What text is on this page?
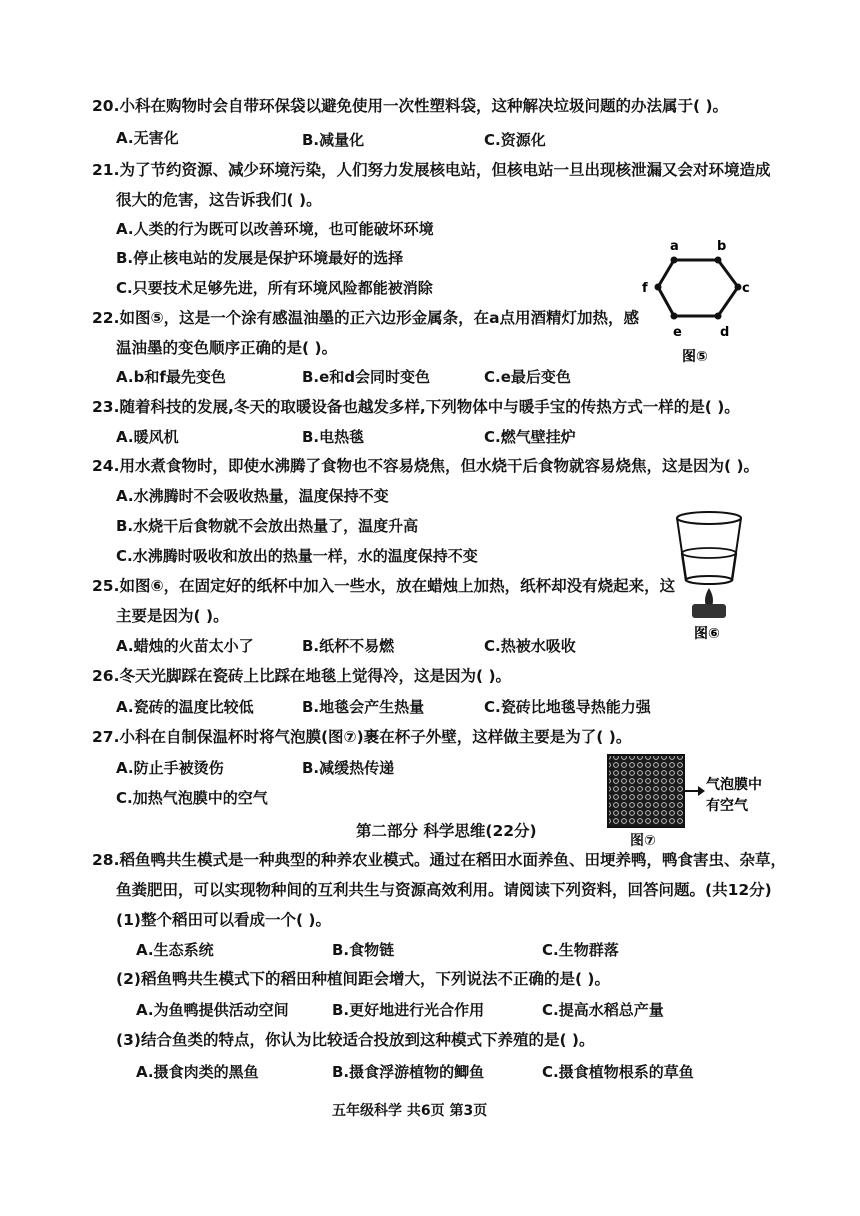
20.小科在购物时会自带环保袋以避免使用一次性塑料袋，这种解决垃圾问题的办法属于( )。
A.无害化	B.减量化	C.资源化
21.为了节约资源、减少环境污染，人们努力发展核电站，但核电站一旦出现核泄漏又会对环境造成
很大的危害，这告诉我们( )。
A.人类的行为既可以改善环境，也可能破坏环境
B.停止核电站的发展是保护环境最好的选择
C.只要技术足够先进，所有环境风险都能被消除
a	b
c
d
e
f
图⑤
22.如图⑤，这是一个涂有感温油墨的正六边形金属条，在a点用酒精灯加热，感
温油墨的变色顺序正确的是( )。
A.b和f最先变色	B.e和d会同时变色	C.e最后变色
23.随着科技的发展,冬天的取暖设备也越发多样,下列物体中与暖手宝的传热方式一样的是( )。
A.暖风机	B.电热毯	C.燃气壁挂炉
24.用水煮食物时，即使水沸腾了食物也不容易烧焦，但水烧干后食物就容易烧焦，这是因为( )。
A.水沸腾时不会吸收热量，温度保持不变
B.水烧干后食物就不会放出热量了，温度升高
C.水沸腾时吸收和放出的热量一样，水的温度保持不变
图⑥
25.如图⑥，在固定好的纸杯中加入一些水，放在蜡烛上加热，纸杯却没有烧起来，这
主要是因为( )。
A.蜡烛的火苗太小了	B.纸杯不易燃	C.热被水吸收
26.冬天光脚踩在瓷砖上比踩在地毯上觉得冷，这是因为( )。
A.瓷砖的温度比较低	B.地毯会产生热量	C.瓷砖比地毯导热能力强
27.小科在自制保温杯时将气泡膜(图⑦)裹在杯子外壁，这样做主要是为了( )。
A.防止手被烫伤	B.减缓热传递
C.加热气泡膜中的空气
气泡膜中
有空气
图⑦
第二部分 科学思维(22分)
28.稻鱼鸭共生模式是一种典型的种养农业模式。通过在稻田水面养鱼、田埂养鸭，鸭食害虫、杂草，
鱼粪肥田，可以实现物种间的互利共生与资源高效利用。请阅读下列资料，回答问题。(共12分)
(1)整个稻田可以看成一个( )。
A.生态系统	B.食物链	C.生物群落
(2)稻鱼鸭共生模式下的稻田种植间距会增大，下列说法不正确的是( )。
A.为鱼鸭提供活动空间	B.更好地进行光合作用	C.提高水稻总产量
(3)结合鱼类的特点，你认为比较适合投放到这种模式下养殖的是( )。
A.摄食肉类的黑鱼	B.摄食浮游植物的鲫鱼	C.摄食植物根系的草鱼
五年级科学 共6页 第3页
